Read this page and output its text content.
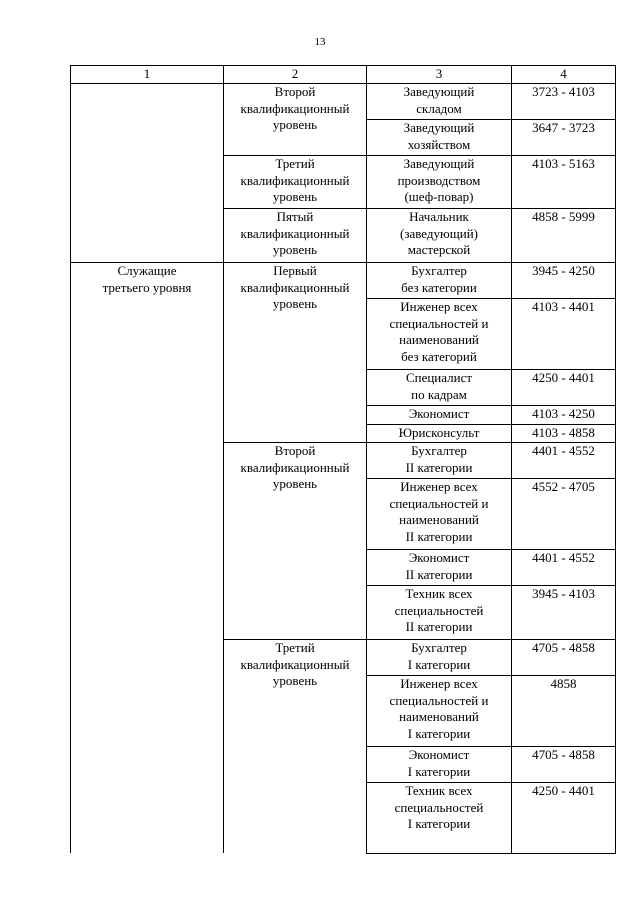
13
1	2	3	4
	Второй
квалификационный
уровень	Заведующий
складом	3723 - 4103
		Заведующий
хозяйством	3647 - 3723
	Третий
квалификационный
уровень	Заведующий
производством
(шеф-повар)	4103 - 5163
	Пятый
квалификационный
уровень	Начальник
(заведующий)
мастерской	4858 - 5999
Служащие
третьего уровня	Первый
квалификационный
уровень	Бухгалтер
без категории	3945 - 4250
		Инженер всех
специальностей и
наименований
без категорий	4103 - 4401
		Специалист
по кадрам	4250 - 4401
		Экономист	4103 - 4250
		Юрисконсульт	4103 - 4858
	Второй
квалификационный
уровень	Бухгалтер
II категории	4401 - 4552
		Инженер всех
специальностей и
наименований
II категории	4552 - 4705
		Экономист
II категории	4401 - 4552
		Техник всех
специальностей
II категории	3945 - 4103
	Третий
квалификационный
уровень	Бухгалтер
I категории	4705 - 4858
		Инженер всех
специальностей и
наименований
I категории	4858
		Экономист
I категории	4705 - 4858
		Техник всех
специальностей
I категории	4250 - 4401
